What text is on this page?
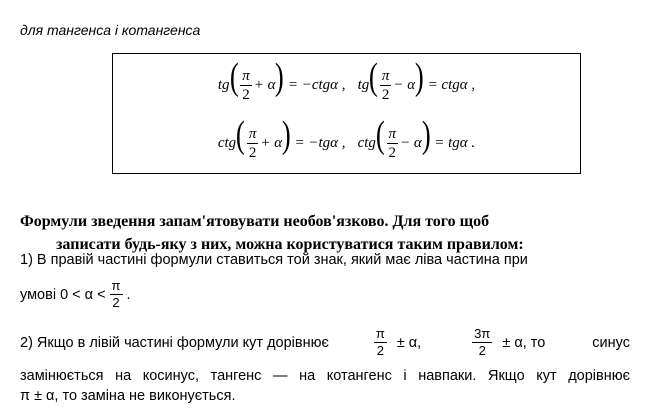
для тангенса і котангенса
$tg( \frac{\pi}{2} + \alpha) = -ctg\alpha$ , $tg( \frac{\pi}{2} - \alpha) = ctg\alpha$ ,
$ctg( \frac{\pi}{2} + \alpha) = -tg\alpha$ , $ctg( \frac{\pi}{2} - \alpha) = tg\alpha$ .
Формули зведення запам'ятовувати необов'язково. Для того щоб
записати будь-яку з них, можна користуватися таким правилом:
1) В правій частині формули ставиться той знак, який має ліва частина при
умові $0 < \alpha < \frac{\pi}{2}$ .
2) Якщо в лівій частині формули кут дорівнює	$\frac{\pi}{2} \pm \alpha$,	$\frac{3\pi}{2} \pm \alpha$, то	синус
замінюється на косинус, тангенс — на котангенс і навпаки. Якщо кут дорівнює
π ± α, то заміна не виконується.
